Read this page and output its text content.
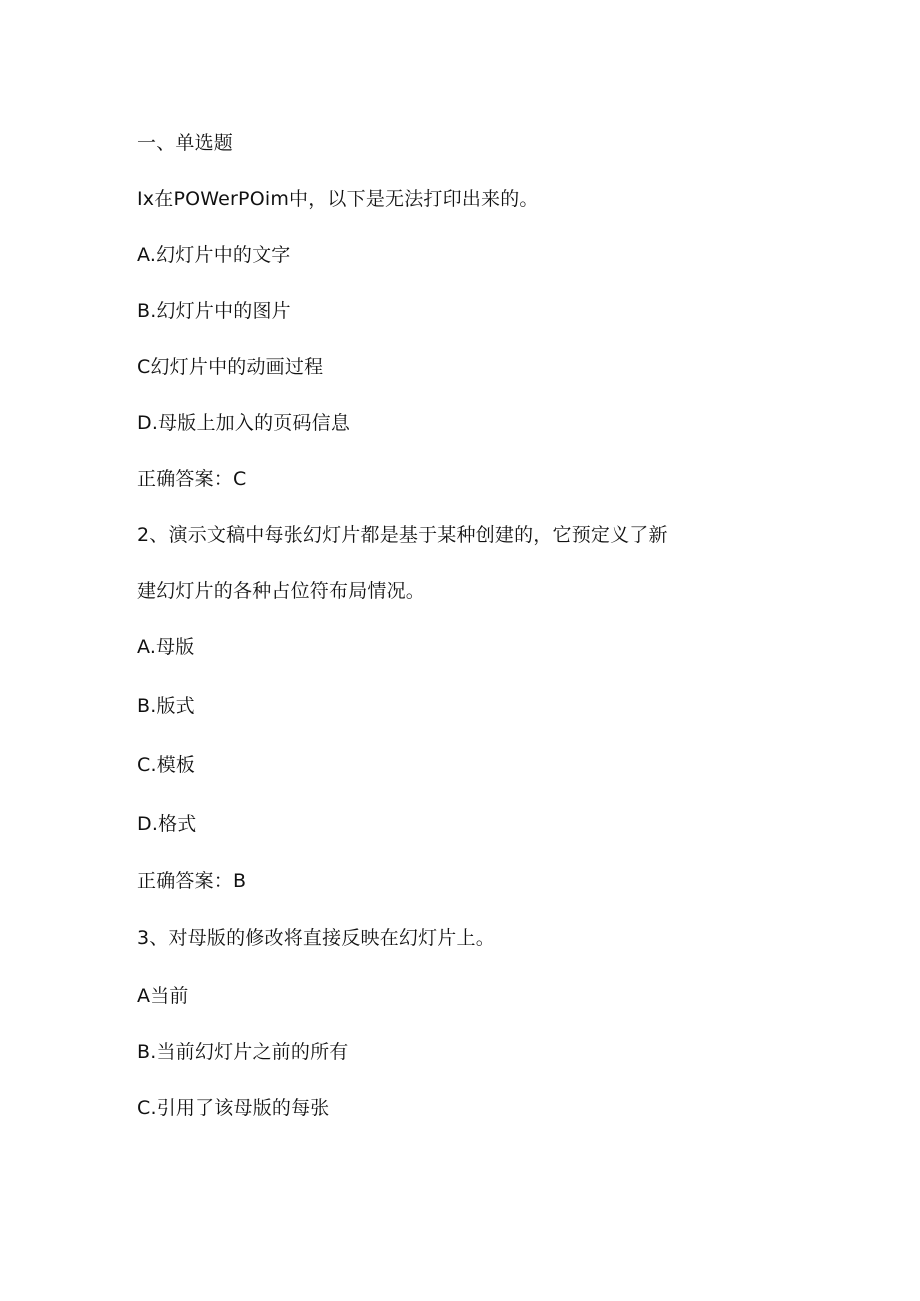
一、单选题
Ix在POWerPOim中，以下是无法打印出来的。
A.幻灯片中的文字
B.幻灯片中的图片
C幻灯片中的动画过程
D.母版上加入的页码信息
正确答案：C
2、演示文稿中每张幻灯片都是基于某种创建的，它预定义了新
建幻灯片的各种占位符布局情况。
A.母版
B.版式
C.模板
D.格式
正确答案：B
3、对母版的修改将直接反映在幻灯片上。
A当前
B.当前幻灯片之前的所有
C.引用了该母版的每张
